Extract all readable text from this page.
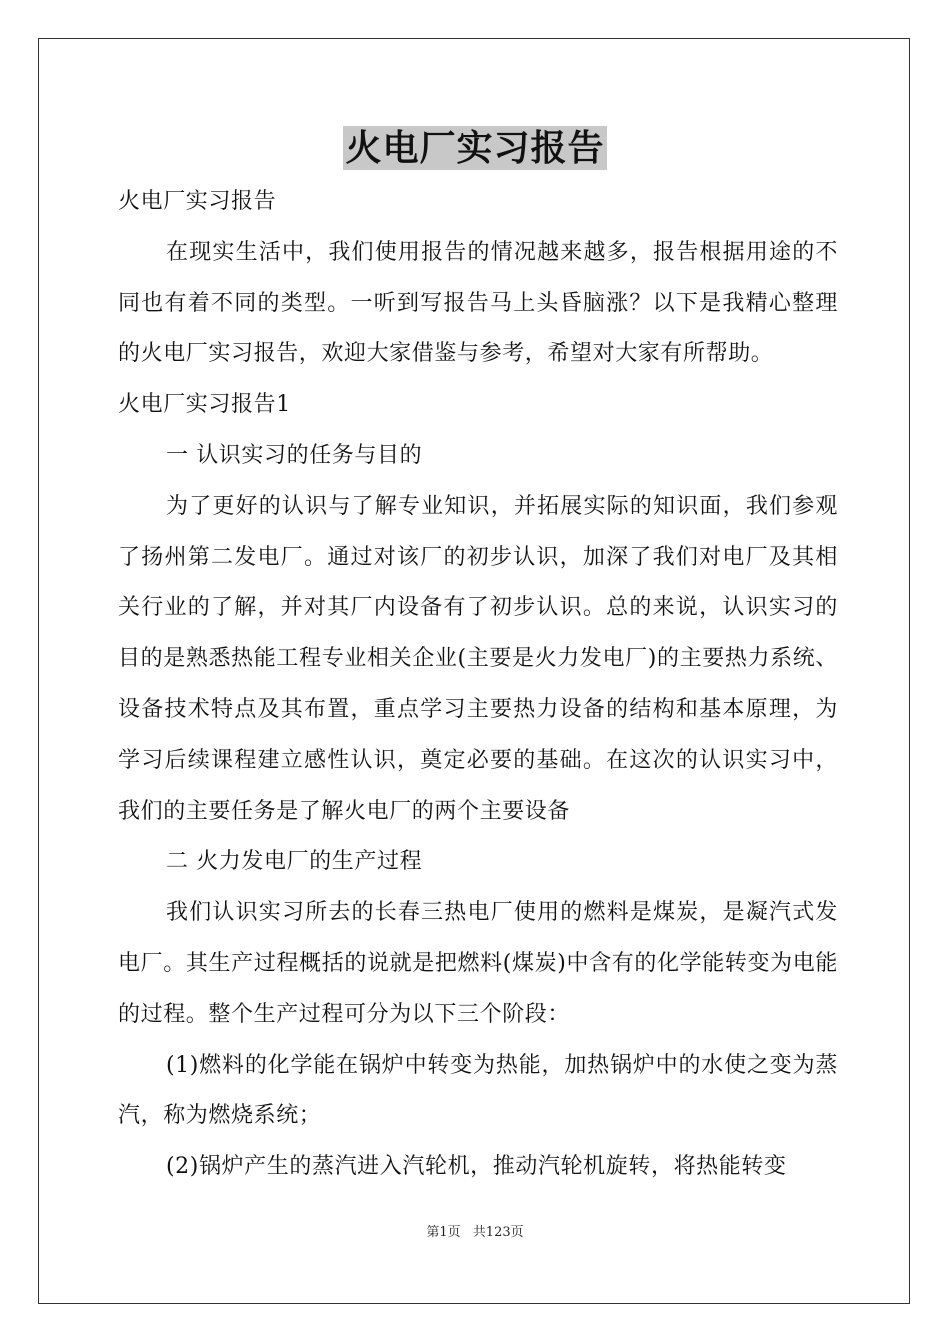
火电厂实习报告

火电厂实习报告

在现实生活中，我们使用报告的情况越来越多，报告根据用途的不同也有着不同的类型。一听到写报告马上头昏脑涨？以下是我精心整理的火电厂实习报告，欢迎大家借鉴与参考，希望对大家有所帮助。

火电厂实习报告1

一 认识实习的任务与目的

为了更好的认识与了解专业知识，并拓展实际的知识面，我们参观了扬州第二发电厂。通过对该厂的初步认识，加深了我们对电厂及其相关行业的了解，并对其厂内设备有了初步认识。总的来说，认识实习的目的是熟悉热能工程专业相关企业(主要是火力发电厂)的主要热力系统、设备技术特点及其布置，重点学习主要热力设备的结构和基本原理，为学习后续课程建立感性认识，奠定必要的基础。在这次的认识实习中，我们的主要任务是了解火电厂的两个主要设备

二 火力发电厂的生产过程

我们认识实习所去的长春三热电厂使用的燃料是煤炭，是凝汽式发电厂。其生产过程概括的说就是把燃料(煤炭)中含有的化学能转变为电能的过程。整个生产过程可分为以下三个阶段：

(1)燃料的化学能在锅炉中转变为热能，加热锅炉中的水使之变为蒸汽，称为燃烧系统；

(2)锅炉产生的蒸汽进入汽轮机，推动汽轮机旋转，将热能转变

第1页 共123页
